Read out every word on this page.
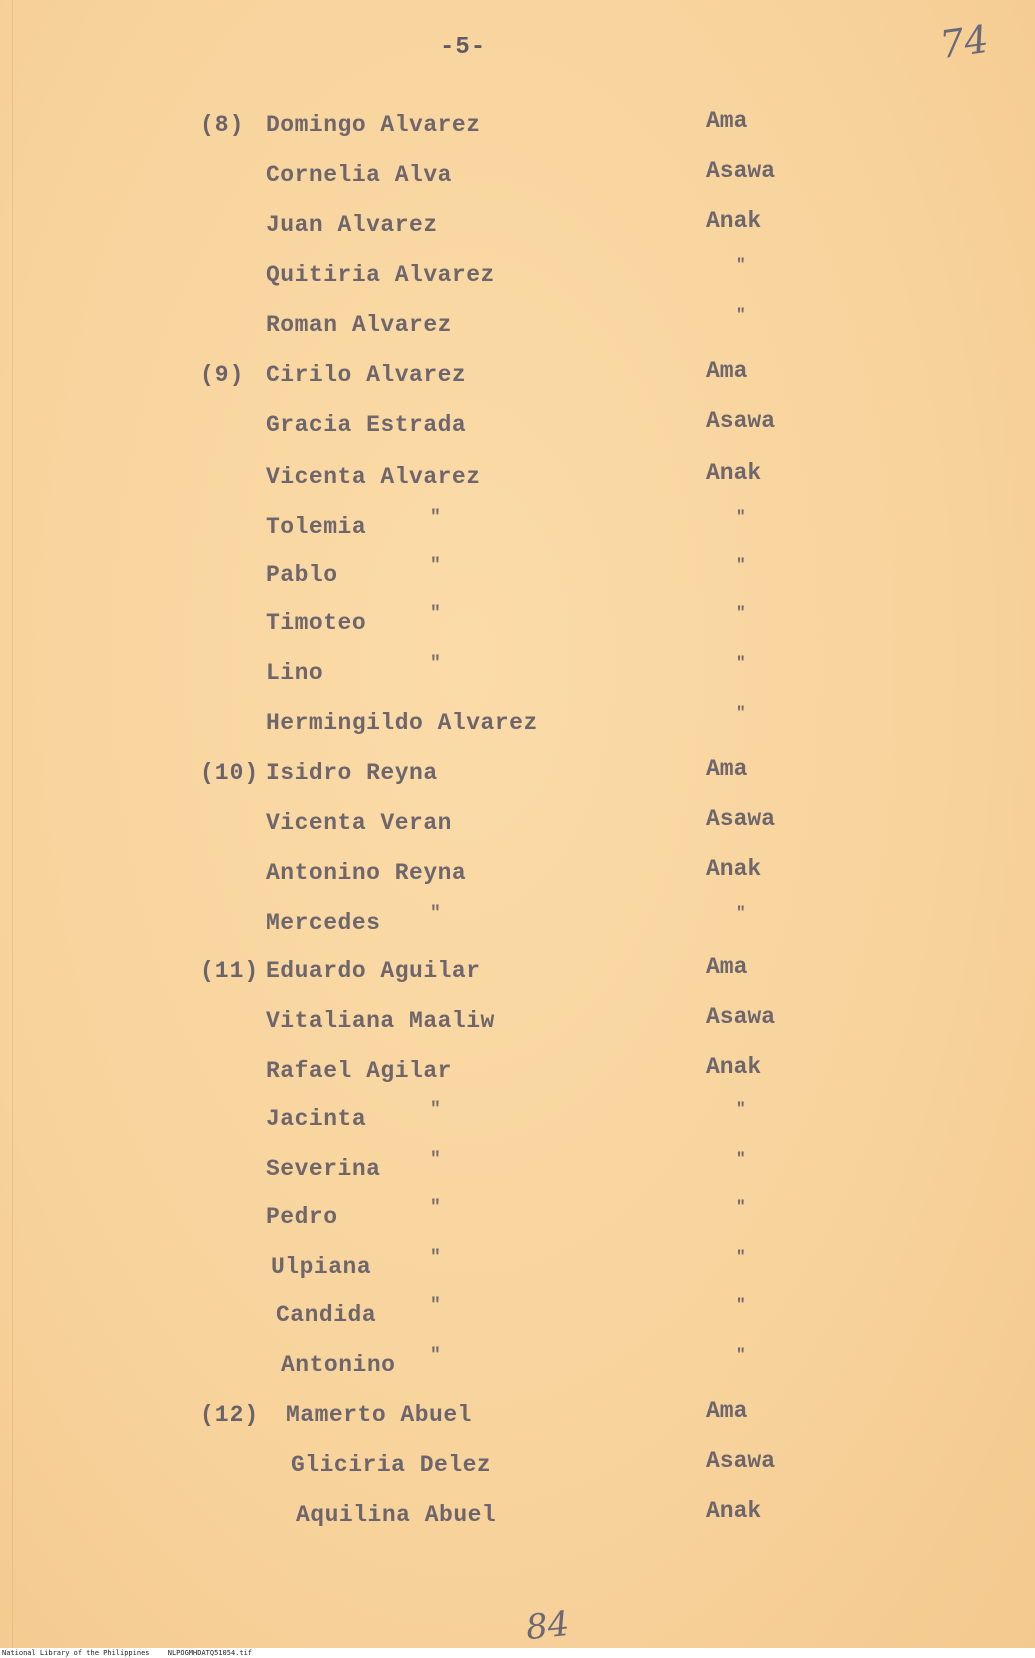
-5-	74
(8) Domingo Alvarez	Ama
Cornelia Alva	Asawa
Juan Alvarez	Anak
Quitiria Alvarez	"
Roman Alvarez	"
(9) Cirilo Alvarez	Ama
Gracia Estrada	Asawa
Vicenta Alvarez	Anak
Tolemia	"	"
Pablo	"	"
Timoteo	"	"
Lino	"	"
Hermingildo Alvarez	"
(10) Isidro Reyna	Ama
Vicenta Veran	Asawa
Antonino Reyna	Anak
Mercedes	"	"
(11) Eduardo Aguilar	Ama
Vitaliana Maaliw	Asawa
Rafael Agilar	Anak
Jacinta	"	"
Severina	"	"
Pedro	"	"
Ulpiana	"	"
Candida	"	"
Antonino "	"
(12) Mamerto Abuel	Ama
Gliciria Delez	Asawa
Aquilina Abuel	Anak
84
National Library of the Philippines	NLPOGMHDATQ51054.tif
